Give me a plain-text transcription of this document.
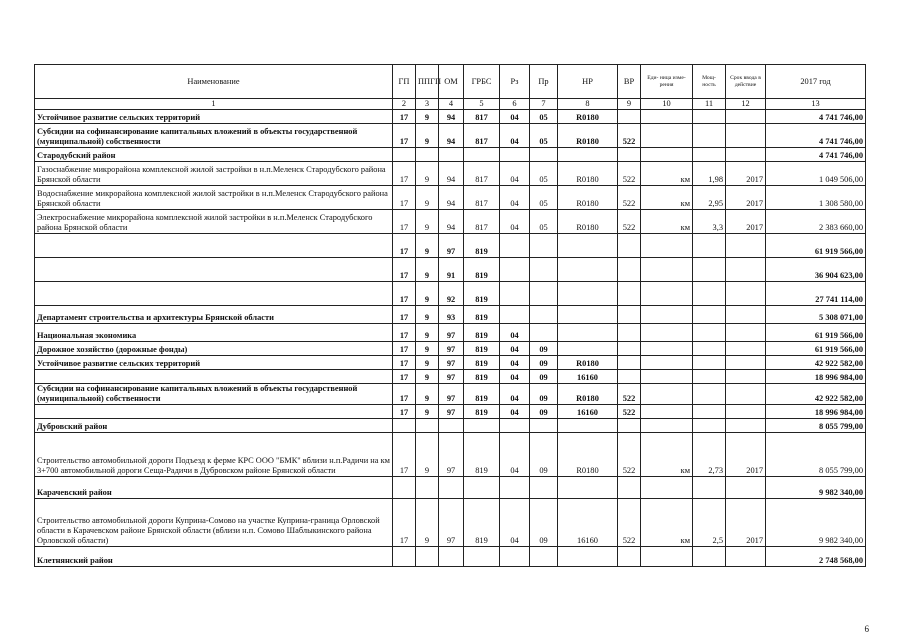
Наименование	ГП	ППГП	ОМ	ГРБС	Рз	Пр	НР	ВР	Еди- ница изме- рения	Мощ- ность	Срок ввода в действие	2017 год
1	2	3	4	5	6	7	8	9	10	11	12	13
Устойчивое развитие сельских территорий	17	9	94	817	04	05	R0180					4 741 746,00
Субсидии на софинансирование капитальных вложений в объекты государственной (муниципальной) собственности	17	9	94	817	04	05	R0180	522				4 741 746,00
Стародубский район												4 741 746,00
Газоснабжение микрорайона комплексной жилой застройки в н.п.Меленск Стародубского района Брянской области	17	9	94	817	04	05	R0180	522	км	1,98	2017	1 049 506,00
Водоснабжение микрорайона комплексной жилой застройки в н.п.Меленск Стародубского района Брянской области	17	9	94	817	04	05	R0180	522	км	2,95	2017	1 308 580,00
Электроснабжение микрорайона комплексной жилой застройки в н.п.Меленск Стародубского района Брянской области	17	9	94	817	04	05	R0180	522	км	3,3	2017	2 383 660,00
	17	9	97	819								61 919 566,00
	17	9	91	819								36 904 623,00
	17	9	92	819								27 741 114,00
Департамент строительства и архитектуры Брянской области	17	9	93	819								5 308 071,00
Национальная экономика	17	9	97	819	04							61 919 566,00
Дорожное хозяйство (дорожные фонды)	17	9	97	819	04	09						61 919 566,00
Устойчивое развитие сельских территорий	17	9	97	819	04	09	R0180					42 922 582,00
	17	9	97	819	04	09	16160					18 996 984,00
Субсидии на софинансирование капитальных вложений в объекты государственной (муниципальной) собственности	17	9	97	819	04	09	R0180	522				42 922 582,00
	17	9	97	819	04	09	16160	522				18 996 984,00
Дубровский район												8 055 799,00
Строительство автомобильной дороги Подъезд к ферме КРС ООО "БМК" вблизи н.п.Радичи на км 3+700 автомобильной дороги Сеща-Радичи в Дубровском районе Брянской области	17	9	97	819	04	09	R0180	522	км	2,73	2017	8 055 799,00
Карачевский район												9 982 340,00
Строительство автомобильной дороги Куприна-Сомово на участке Куприна-граница Орловской области в Карачевском районе Брянской области (вблизи н.п. Сомово Шаблыкинского района Орловской области)	17	9	97	819	04	09	16160	522	км	2,5	2017	9 982 340,00
Клетнянский район												2 748 568,00
6
